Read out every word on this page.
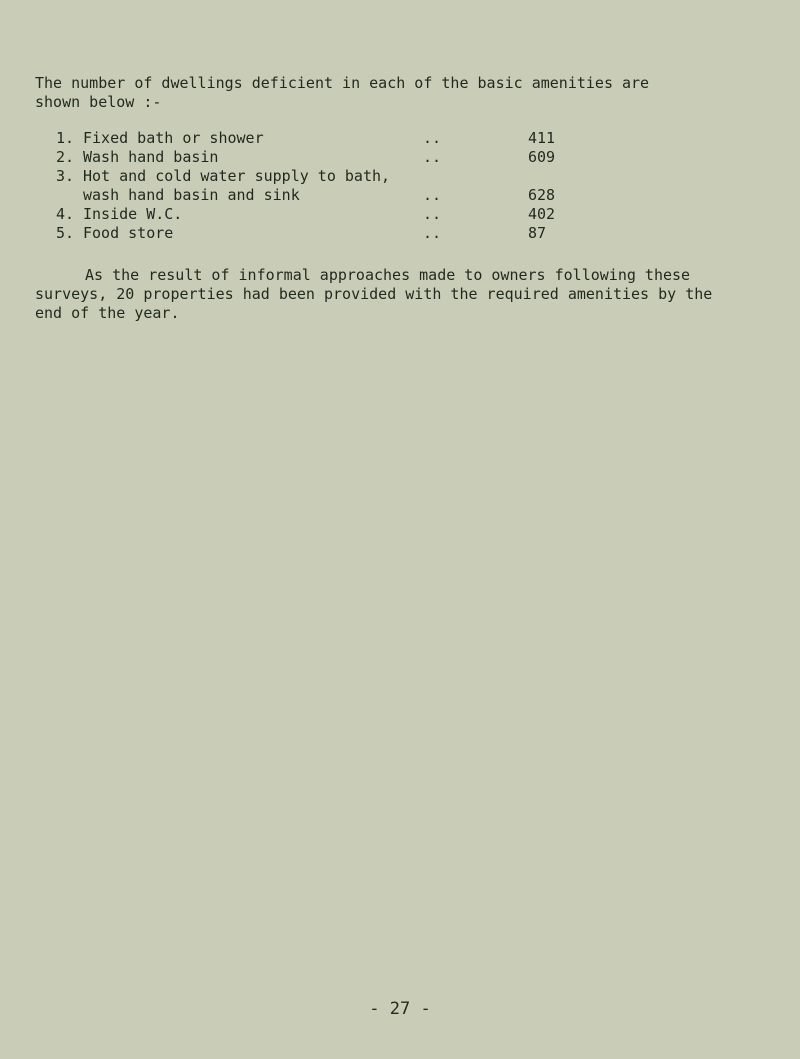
The number of dwellings deficient in each of the basic amenities are
shown below :-
1. Fixed bath or shower	..	411
2. Wash hand basin	..	609
3. Hot and cold water supply to bath,
wash hand basin and sink	..	628
4. Inside W.C.	..	402
5. Food store	..	87
As the result of informal approaches made to owners following these
surveys, 20 properties had been provided with the required amenities by the
end of the year.
- 27 -
